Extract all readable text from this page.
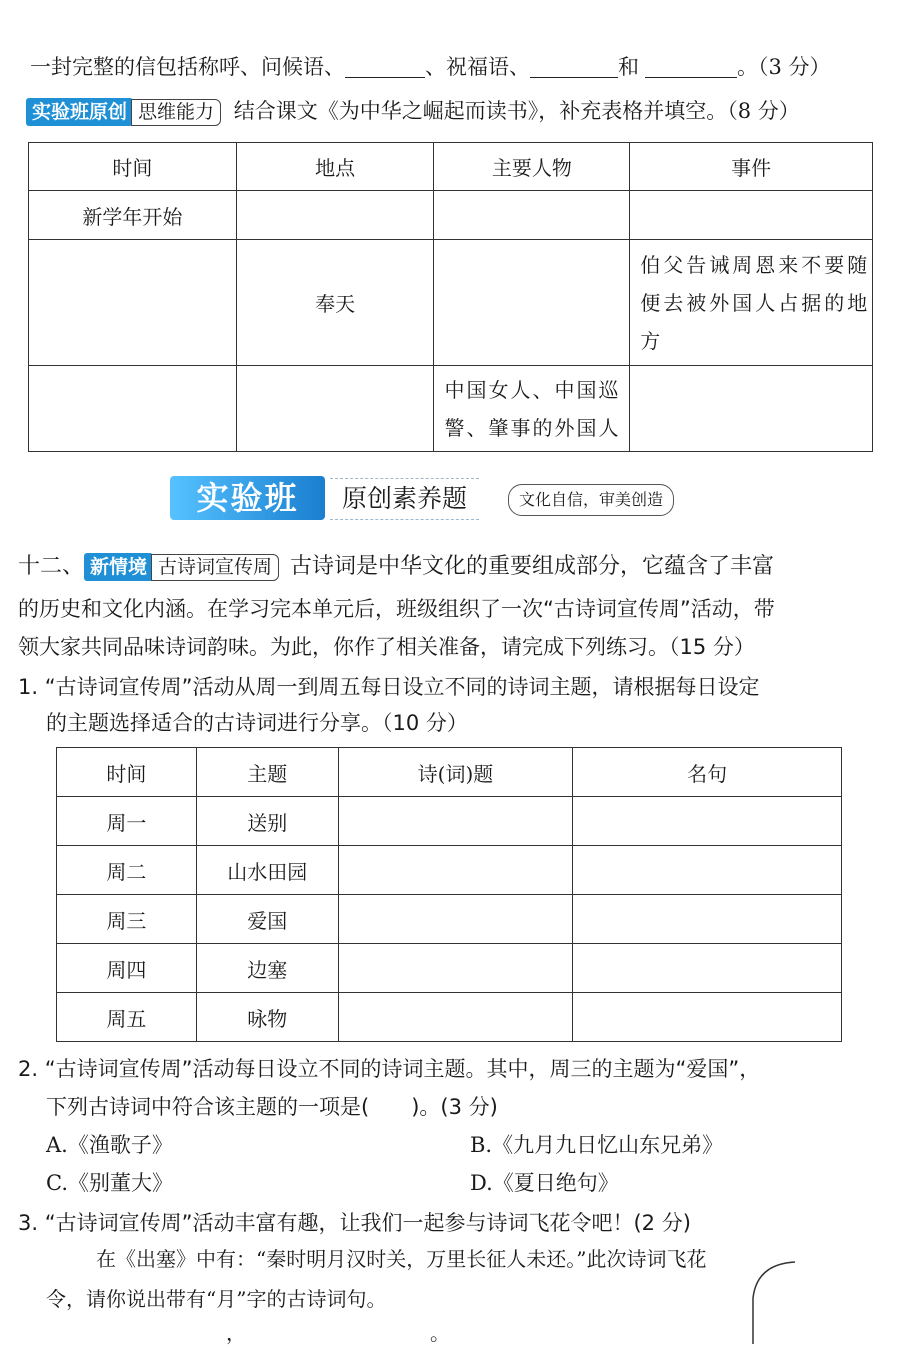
一封完整的信包括称呼、问候语、	、祝福语、	和	。（3 分）
实验班原创 思维能力 结合课文《为中华之崛起而读书》，补充表格并填空。（8 分）
时间	地点	主要人物	事件
新学年开始			
	奉天		伯父告诫周恩来不要随便去被外国人占据的地方
		中国女人、中国巡警、肇事的外国人	
实验班	原创素养题	文化自信，审美创造
十二、 新情境 古诗词宣传周 古诗词是中华文化的重要组成部分，它蕴含了丰富
的历史和文化内涵。在学习完本单元后，班级组织了一次“古诗词宣传周”活动，带
领大家共同品味诗词韵味。为此，你作了相关准备，请完成下列练习。（15 分）
1. “古诗词宣传周”活动从周一到周五每日设立不同的诗词主题，请根据每日设定
的主题选择适合的古诗词进行分享。（10 分）
时间	主题	诗(词)题	名句
周一	送别		
周二	山水田园		
周三	爱国		
周四	边塞		
周五	咏物		
2. “古诗词宣传周”活动每日设立不同的诗词主题。其中，周三的主题为“爱国”，
下列古诗词中符合该主题的一项是(　　)。(3 分)
A.《渔歌子》	B.《九月九日忆山东兄弟》
C.《别董大》	D.《夏日绝句》
3. “古诗词宣传周”活动丰富有趣，让我们一起参与诗词飞花令吧！(2 分)
在《出塞》中有：“秦时明月汉时关，万里长征人未还。”此次诗词飞花
令，请你说出带有“月”字的古诗词句。
，	。
